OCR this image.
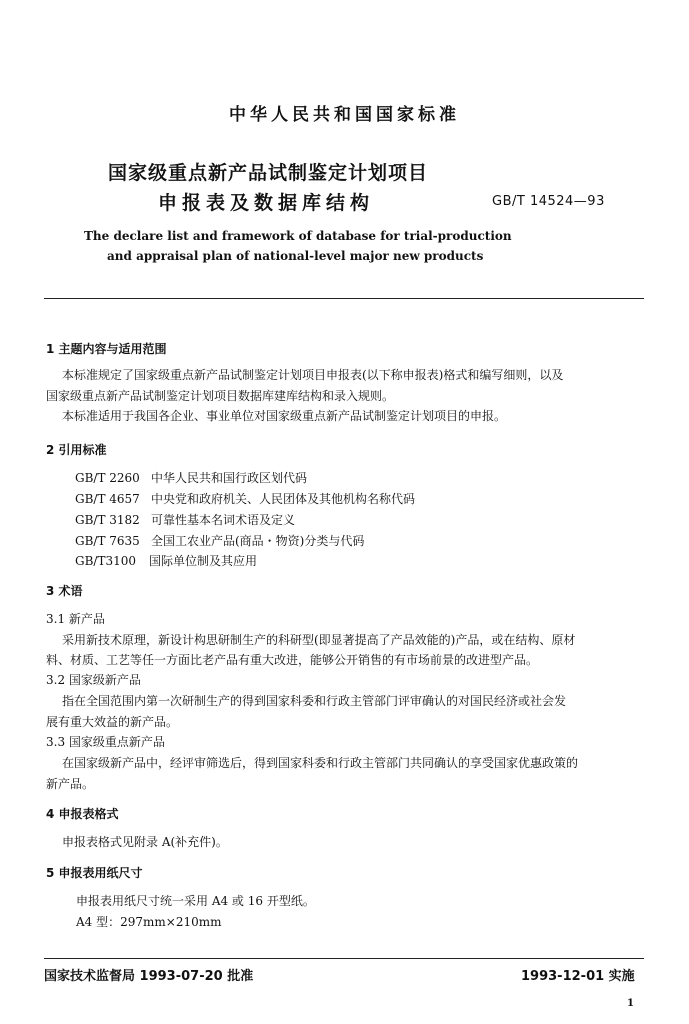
中华人民共和国国家标准
国家级重点新产品试制鉴定计划项目
申报表及数据库结构	GB/T 14524—93
The declare list and framework of database for trial-production
and appraisal plan of national-level major new products
1 主题内容与适用范围
本标准规定了国家级重点新产品试制鉴定计划项目申报表(以下称申报表)格式和编写细则，以及
国家级重点新产品试制鉴定计划项目数据库建库结构和录入规则。
本标准适用于我国各企业、事业单位对国家级重点新产品试制鉴定计划项目的申报。
2 引用标准
GB/T 2260 中华人民共和国行政区划代码
GB/T 4657 中央党和政府机关、人民团体及其他机构名称代码
GB/T 3182 可靠性基本名词术语及定义
GB/T 7635 全国工农业产品(商品・物资)分类与代码
GB/T3100 国际单位制及其应用
3 术语
3.1 新产品
采用新技术原理，新设计构思研制生产的科研型(即显著提高了产品效能的)产品，或在结构、原材
料、材质、工艺等任一方面比老产品有重大改进，能够公开销售的有市场前景的改进型产品。
3.2 国家级新产品
指在全国范围内第一次研制生产的得到国家科委和行政主管部门评审确认的对国民经济或社会发
展有重大效益的新产品。
3.3 国家级重点新产品
在国家级新产品中，经评审筛选后，得到国家科委和行政主管部门共同确认的享受国家优惠政策的
新产品。
4 申报表格式
申报表格式见附录 A(补充件)。
5 申报表用纸尺寸
申报表用纸尺寸统一采用 A4 或 16 开型纸。
A4 型：297mm×210mm
国家技术监督局 1993-07-20 批准	1993-12-01 实施
1
